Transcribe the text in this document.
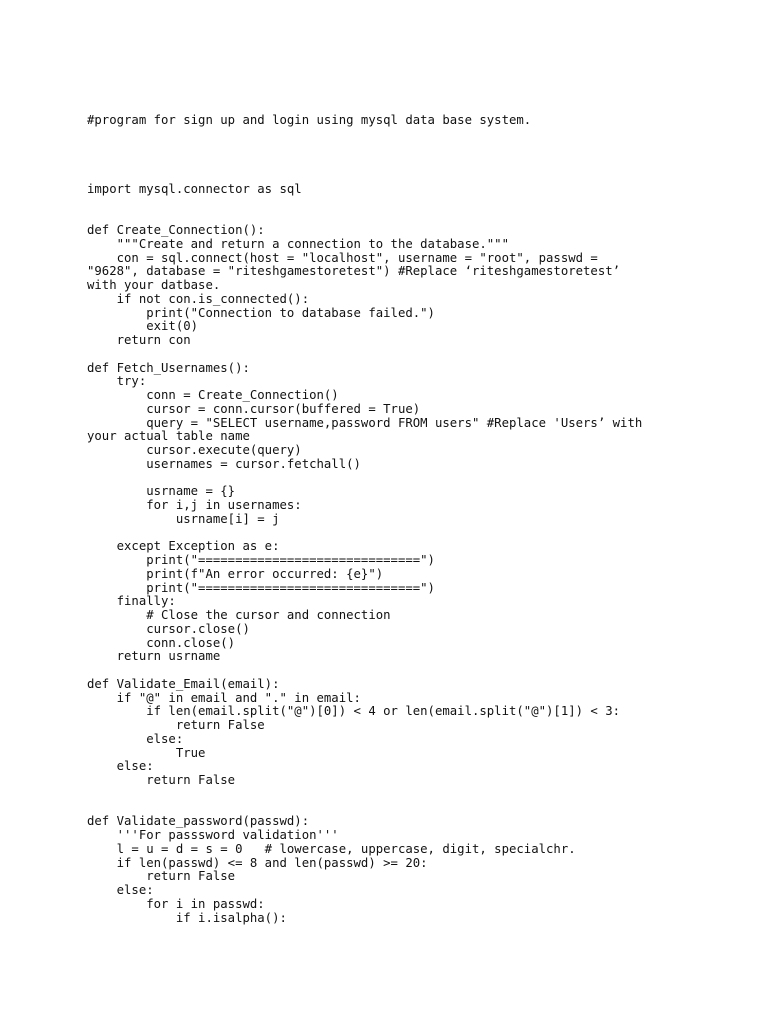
#program for sign up and login using mysql data base system.

import mysql.connector as sql

def Create_Connection():
"""Create and return a connection to the database."""
con = sql.connect(host = "localhost", username = "root", passwd =
"9628", database = "riteshgamestoretest") #Replace ‘riteshgamestoretest’
with your datbase.
if not con.is_connected():
print("Connection to database failed.")
exit(0)
return con

def Fetch_Usernames():
try:
conn = Create_Connection()
cursor = conn.cursor(buffered = True)
query = "SELECT username,password FROM users" #Replace 'Users’ with
your actual table name
cursor.execute(query)
usernames = cursor.fetchall()

usrname = {}
for i,j in usernames:
usrname[i] = j

except Exception as e:
print("==============================")
print(f"An error occurred: {e}")
print("==============================")
finally:
# Close the cursor and connection
cursor.close()
conn.close()
return usrname

def Validate_Email(email):
if "@" in email and "." in email:
if len(email.split("@")[0]) < 4 or len(email.split("@")[1]) < 3:
return False
else:
True
else:
return False

def Validate_password(passwd):
'''For passsword validation'''
l = u = d = s = 0   # lowercase, uppercase, digit, specialchr.
if len(passwd) <= 8 and len(passwd) >= 20:
return False
else:
for i in passwd:
if i.isalpha():
